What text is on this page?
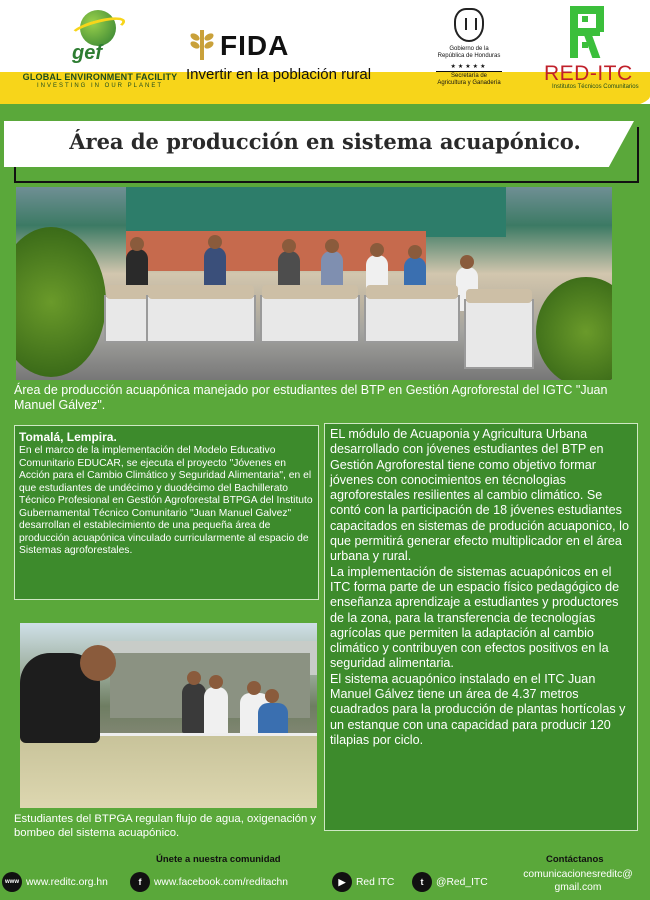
gef
GLOBAL ENVIRONMENT FACILITY
INVESTING IN OUR PLANET
FIDA
Invertir en la población rural
Gobierno de la
República de Honduras
★★★★★
Secretaría de
Agricultura y Ganadería	RED-ITC
Institutos Técnicos Comunitarios
Área de producción en sistema acuapónico.
Área de producción acuapónica manejado por estudiantes del BTP en Gestión Agroforestal del IGTC "Juan Manuel Gálvez".
Tomalá, Lempira.
En el marco de la implementación del Modelo Educativo Comunitario EDUCAR, se ejecuta el proyecto "Jóvenes en Acción para el Cambio Climático y Seguridad Alimentaria", en el que estudiantes de undécimo y duodécimo del Bachillerato Técnico Profesional en Gestión Agroforestal BTPGA del Instituto Gubernamental Técnico Comunitario "Juan Manuel Galvez" desarrollan el establecimiento de una pequeña área de producción acuapónica vinculado curricularmente al espacio de Sistemas agroforestales.
Estudiantes del BTPGA regulan flujo de agua, oxigenación y bombeo del sistema acuapónico.

EL módulo de Acuaponia y Agricultura Urbana desarrollado con jóvenes estudiantes del BTP en Gestión Agroforestal tiene como objetivo formar jóvenes con conocimientos en técnologias agroforestales resilientes al cambio climático. Se contó con la participación de 18 jóvenes estudiantes capacitados en sistemas de produción acuaponico, lo que permitirá generar efecto multiplicador en el área urbana y rural.

La implementación de sistemas acuapónicos en el ITC forma parte de un espacio físico pedagógico de enseñanza aprendizaje a estudiantes y productores de la zona, para la transferencia de tecnologías agrícolas que permiten la adaptación al cambio climático y contribuyen con efectos positivos en la seguridad alimentaria.

El sistema acuapónico instalado en el ITC Juan Manuel Gálvez tiene un área de 4.37 metros cuadrados para la producción de plantas hortícolas y un estanque con una capacidad para producir 120 tilapias por ciclo.

Únete a nuestra comunidad	Contáctanos
www www.reditc.org.hn	f	www.facebook.com/reditachn	▶	Red ITC	t	@Red_ITC
comunicacionesreditc@ gmail.com
